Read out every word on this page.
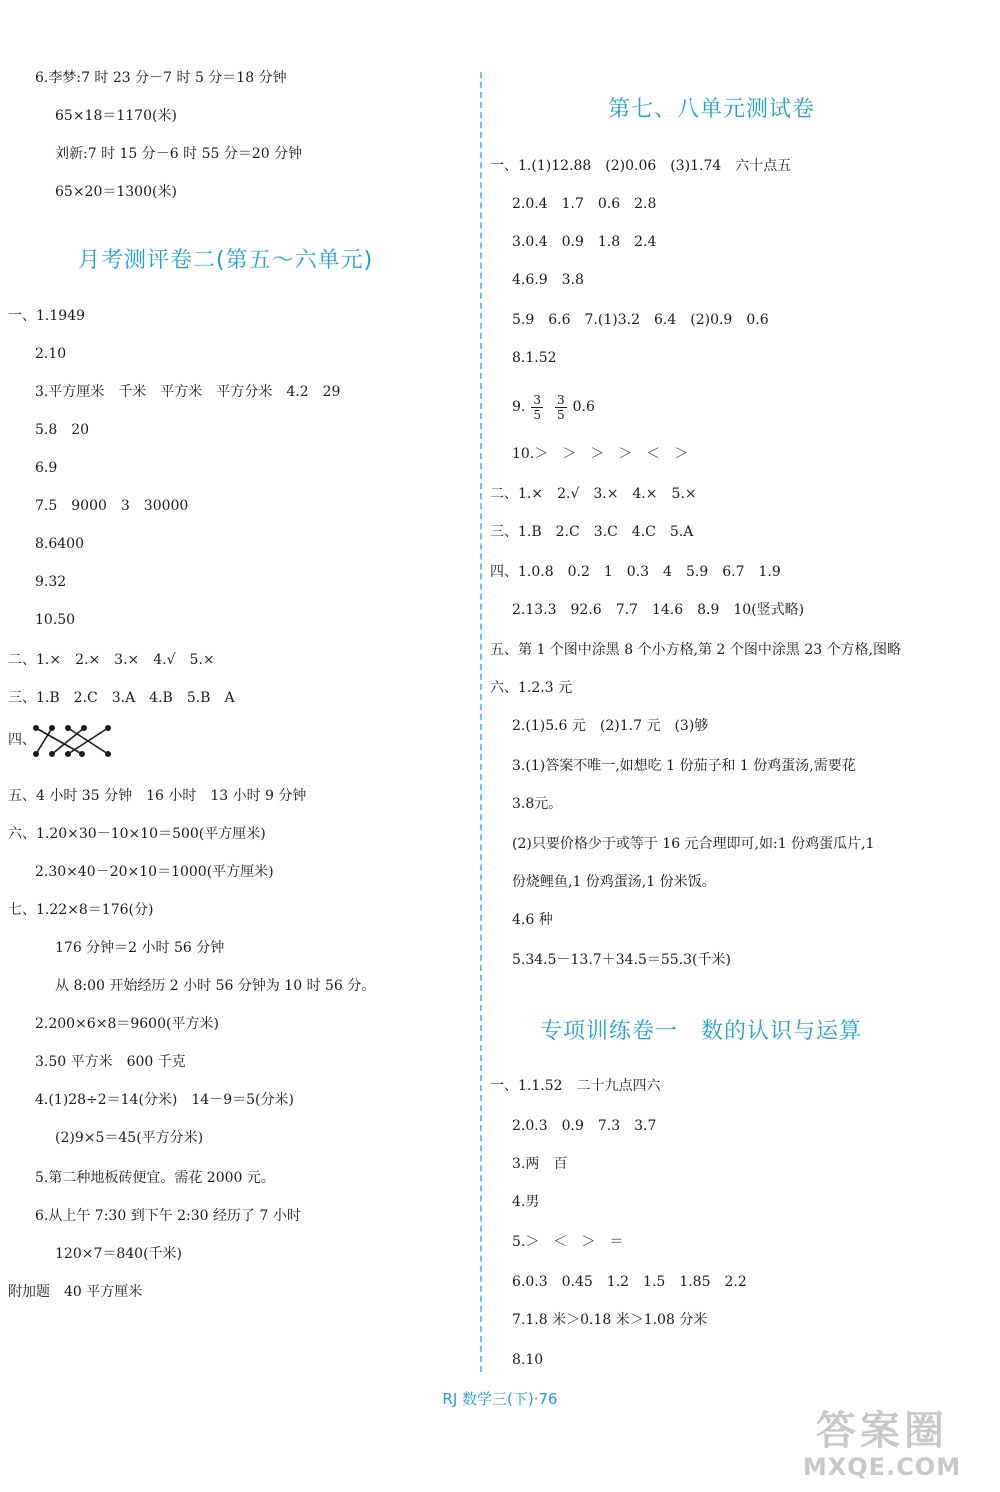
6.李梦:7 时 23 分－7 时 5 分＝18 分钟
65×18＝1170(米)
刘新:7 时 15 分－6 时 55 分＝20 分钟
65×20＝1300(米)
月考测评卷二(第五～六单元)
一、1.1949
2.10
3.平方厘米　千米　平方米　平方分米　4.2　29
5.8　20
6.9
7.5　9000　3　30000
8.6400
9.32
10.50
二、1.×　2.×　3.×　4.√　5.×
三、1.B　2.C　3.A　4.B　5.B　A
四、
五、4 小时 35 分钟　16 小时　13 小时 9 分钟
六、1.20×30－10×10＝500(平方厘米)
2.30×40－20×10＝1000(平方厘米)
七、1.22×8＝176(分)
176 分钟＝2 小时 56 分钟
从 8:00 开始经历 2 小时 56 分钟为 10 时 56 分。
2.200×6×8＝9600(平方米)
3.50 平方米　600 千克
4.(1)28÷2＝14(分米)　14－9＝5(分米)
(2)9×5＝45(平方分米)
5.第二种地板砖便宜。需花 2000 元。
6.从上午 7:30 到下午 2:30 经历了 7 小时
120×7＝840(千米)
附加题　40 平方厘米
第七、八单元测试卷
一、1.(1)12.88　(2)0.06　(3)1.74　六十点五
2.0.4　1.7　0.6　2.8
3.0.4　0.9　1.8　2.4
4.6.9　3.8
5.9　6.6　7.(1)3.2　6.4　(2)0.9　0.6
8.1.52
9. $\frac{3}{5} \frac{3}{5} 0.6$
10.＞　＞　＞　＞　＜　＞
二、1.×　2.√　3.×　4.×　5.×
三、1.B　2.C　3.C　4.C　5.A
四、1.0.8　0.2　1　0.3　4　5.9　6.7　1.9
2.13.3　92.6　7.7　14.6　8.9　10(竖式略)
五、第 1 个图中涂黑 8 个小方格,第 2 个图中涂黑 23 个方格,图略
六、1.2.3 元
2.(1)5.6 元　(2)1.7 元　(3)够
3.(1)答案不唯一,如想吃 1 份茄子和 1 份鸡蛋汤,需要花
3.8元。
(2)只要价格少于或等于 16 元合理即可,如:1 份鸡蛋瓜片,1
份烧鲤鱼,1 份鸡蛋汤,1 份米饭。
4.6 种
5.34.5－13.7＋34.5＝55.3(千米)
专项训练卷一　数的认识与运算
一、1.1.52　二十九点四六
2.0.3　0.9　7.3　3.7
3.两　百
4.男
5.＞　＜　＞　＝
6.0.3　0.45　1.2　1.5　1.85　2.2
7.1.8 米＞0.18 米＞1.08 分米
8.10
RJ 数学三(下)·76
答案圈
MXQE.COM
